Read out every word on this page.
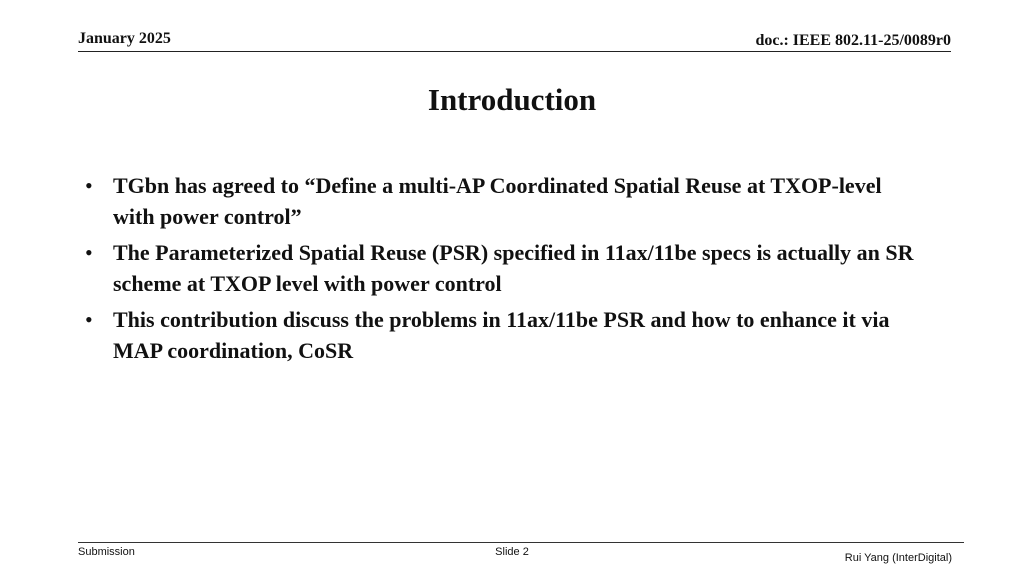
January 2025	doc.: IEEE 802.11-25/0089r0
Introduction
• TGbn has agreed to “Define a multi-AP Coordinated Spatial Reuse at TXOP-level with power control”
• The Parameterized Spatial Reuse (PSR) specified in 11ax/11be specs is actually an SR scheme at TXOP level with power control
• This contribution discuss the problems in 11ax/11be PSR and how to enhance it via MAP coordination, CoSR
Submission	Slide 2	Rui Yang (InterDigital)
